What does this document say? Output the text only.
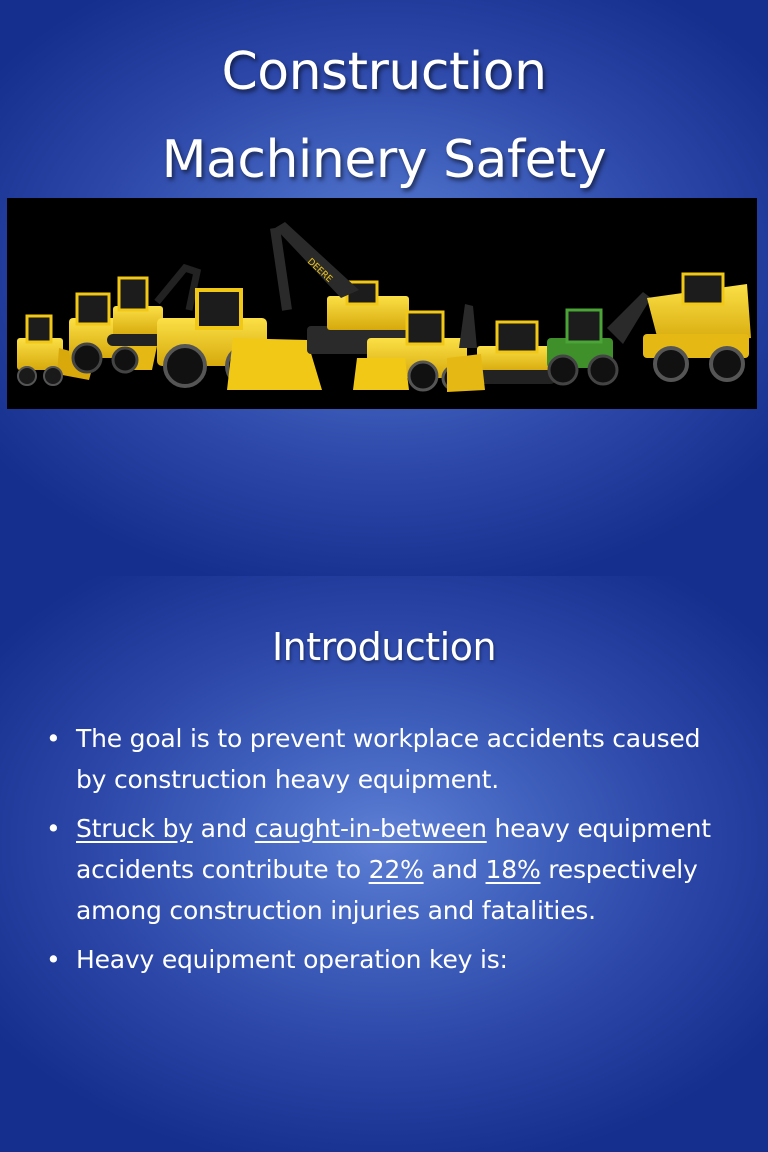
Construction
Machinery Safety
DEERE
Introduction
• The goal is to prevent workplace accidents caused by construction heavy equipment.
• Struck by and caught-in-between heavy equipment accidents contribute to 22% and 18% respectively among construction injuries and fatalities.
• Heavy equipment operation key is:
